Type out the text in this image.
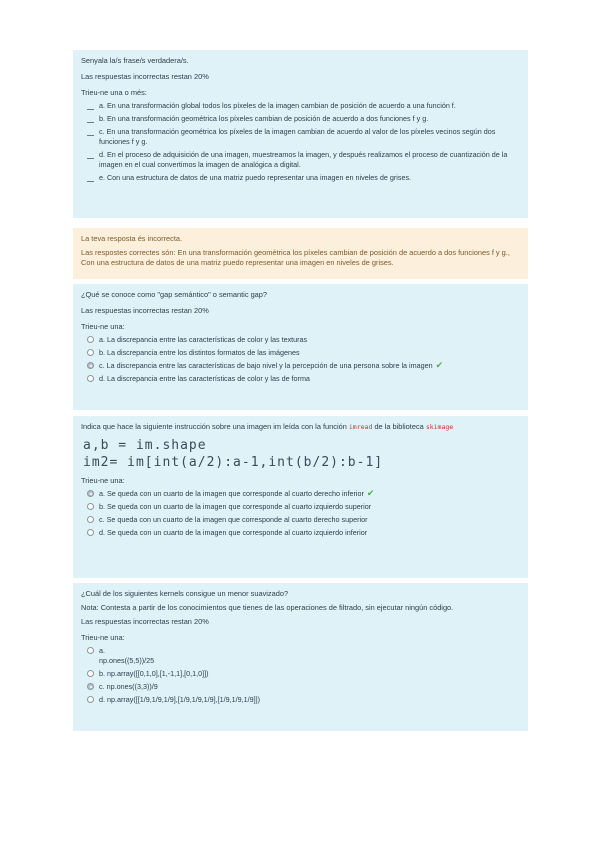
Senyala la/s frase/s verdadera/s.

Las respuestas incorrectas restan 20%

Trieu-ne una o més:

a. En una transformación global todos los píxeles de la imagen cambian de posición de acuerdo a una función f.
b. En una transformación geométrica los píxeles cambian de posición de acuerdo a dos funciones f y g.
c. En una transformación geométrica los píxeles de la imagen cambian de acuerdo al valor de los píxeles vecinos según dos funciones f y g.
d. En el proceso de adquisición de una imagen, muestreamos la imagen, y después realizamos el proceso de cuantización de la imagen en el cual convertimos la imagen de analógica a digital.
e. Con una estructura de datos de una matriz puedo representar una imagen en niveles de grises.

La teva resposta és incorrecta.

Las respostes correctes són: En una transformación geométrica los píxeles cambian de posición de acuerdo a dos funciones f y g., Con una estructura de datos de una matriz puedo representar una imagen en niveles de grises.

¿Qué se conoce como "gap semántico" o semantic gap?

Las respuestas incorrectas restan 20%

Trieu-ne una:

a. La discrepancia entre las características de color y las texturas
b. La discrepancia entre los distintos formatos de las imágenes
c. La discrepancia entre las características de bajo nivel y la percepción de una persona sobre la imagen ✔
d. La discrepancia entre las características de color y las de forma

Indica que hace la siguiente instrucción sobre una imagen im leída con la función imread de la biblioteca skimage

a,b = im.shape
im2= im[int(a/2):a-1,int(b/2):b-1]

Trieu-ne una:

a. Se queda con un cuarto de la imagen que corresponde al cuarto derecho inferior ✔
b. Se queda con un cuarto de la imagen que corresponde al cuarto izquierdo superior
c. Se queda con un cuarto de la imagen que corresponde al cuarto derecho superior
d. Se queda con un cuarto de la imagen que corresponde al cuarto izquierdo inferior

¿Cuál de los siguientes kernels consigue un menor suavizado?

Nota: Contesta a partir de los conocimientos que tienes de las operaciones de filtrado, sin ejecutar ningún código.

Las respuestas incorrectas restan 20%

Trieu-ne una:

a.
np.ones((5,5))/25
b. np.array([[0,1,0],[1,-1,1],[0,1,0]])
c. np.ones((3,3))/9
d. np.array([[1/9,1/9,1/9],[1/9,1/9,1/9],[1/9,1/9,1/9]])
